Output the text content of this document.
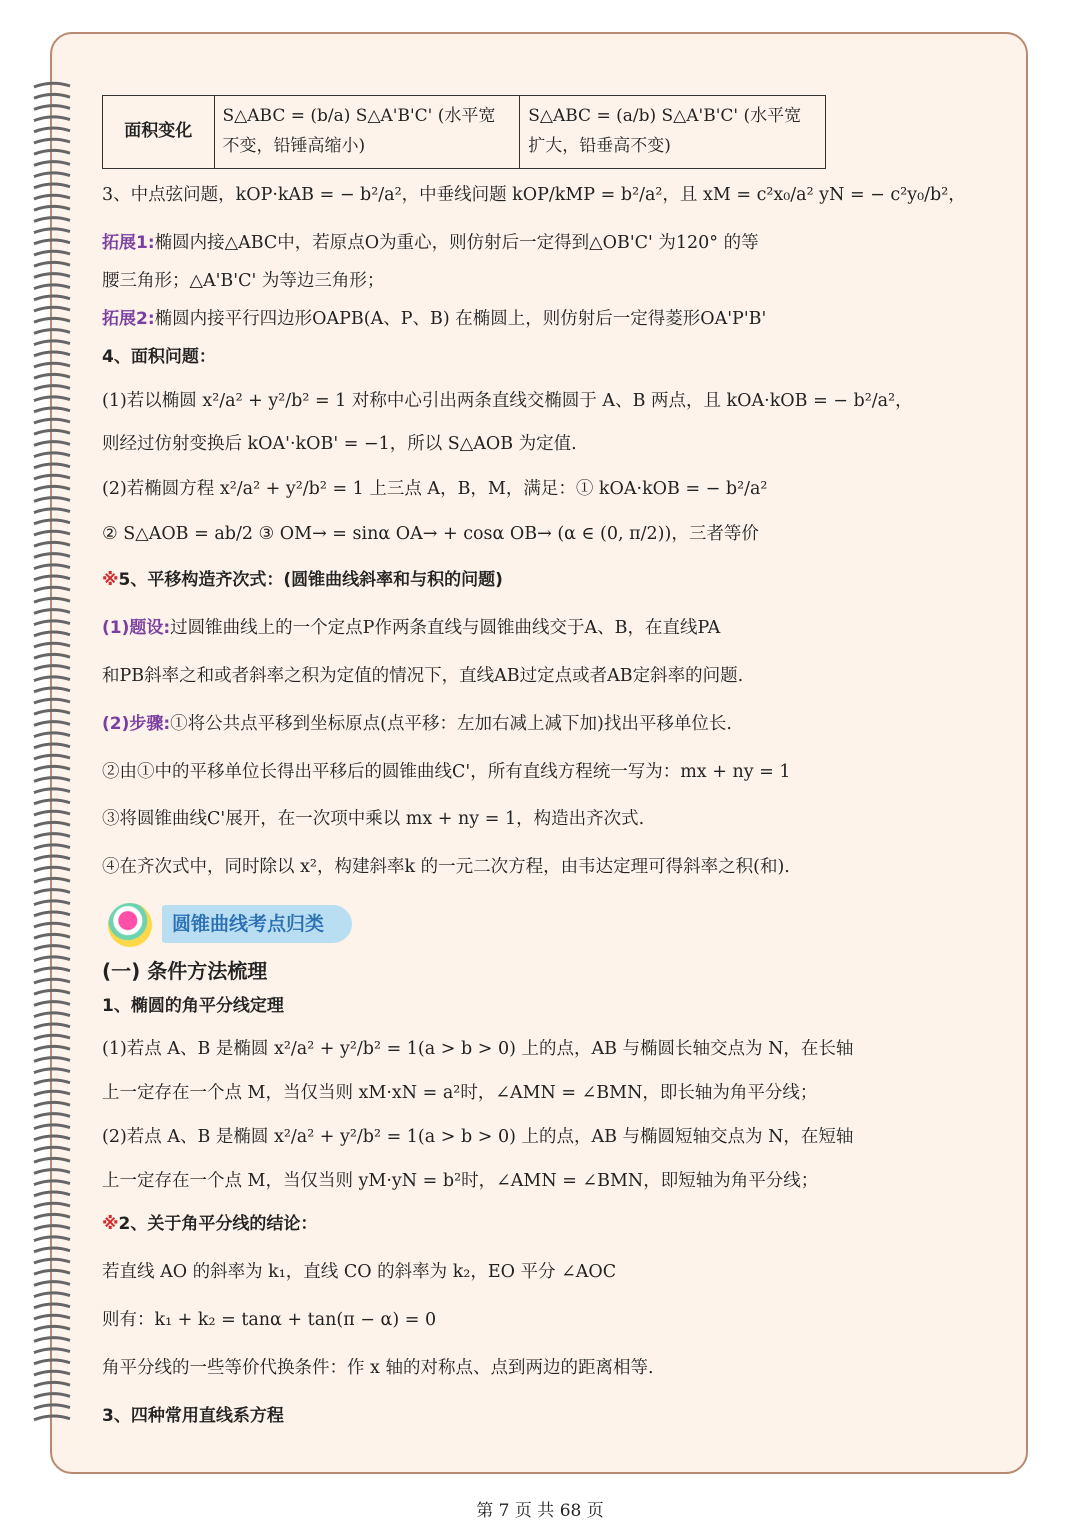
面积变化	S△ABC = (b/a) S△A'B'C' (水平宽不变，铅锤高缩小)	S△ABC = (a/b) S△A'B'C' (水平宽扩大，铅垂高不变)
3、中点弦问题，kOP·kAB = − b²/a²，中垂线问题 kOP/kMP = b²/a²，且 xM = c²x₀/a² yN = − c²y₀/b²，
拓展1:椭圆内接△ABC中，若原点O为重心，则仿射后一定得到△OB'C' 为120° 的等
腰三角形；△A'B'C' 为等边三角形；
拓展2:椭圆内接平行四边形OAPB(A、P、B) 在椭圆上，则仿射后一定得菱形OA'P'B'
4、面积问题：
(1)若以椭圆 x²/a² + y²/b² = 1 对称中心引出两条直线交椭圆于 A、B 两点，且 kOA·kOB = − b²/a²，
则经过仿射变换后 kOA'·kOB' = −1，所以 S△AOB 为定值.
(2)若椭圆方程 x²/a² + y²/b² = 1 上三点 A，B，M，满足：① kOA·kOB = − b²/a²
② S△AOB = ab/2 ③ OM→ = sinα OA→ + cosα OB→ (α ∈ (0, π/2))，三者等价
※5、平移构造齐次式：(圆锥曲线斜率和与积的问题)
(1)题设:过圆锥曲线上的一个定点P作两条直线与圆锥曲线交于A、B，在直线PA
和PB斜率之和或者斜率之积为定值的情况下，直线AB过定点或者AB定斜率的问题.
(2)步骤:①将公共点平移到坐标原点(点平移：左加右减上减下加)找出平移单位长.
②由①中的平移单位长得出平移后的圆锥曲线C'，所有直线方程统一写为：mx + ny = 1
③将圆锥曲线C'展开，在一次项中乘以 mx + ny = 1，构造出齐次式.
④在齐次式中，同时除以 x²，构建斜率k 的一元二次方程，由韦达定理可得斜率之积(和).
圆锥曲线考点归类
(一) 条件方法梳理
1、椭圆的角平分线定理
(1)若点 A、B 是椭圆 x²/a² + y²/b² = 1(a > b > 0) 上的点，AB 与椭圆长轴交点为 N，在长轴
上一定存在一个点 M，当仅当则 xM·xN = a²时，∠AMN = ∠BMN，即长轴为角平分线；
(2)若点 A、B 是椭圆 x²/a² + y²/b² = 1(a > b > 0) 上的点，AB 与椭圆短轴交点为 N，在短轴
上一定存在一个点 M，当仅当则 yM·yN = b²时，∠AMN = ∠BMN，即短轴为角平分线；
※2、关于角平分线的结论：
若直线 AO 的斜率为 k₁，直线 CO 的斜率为 k₂，EO 平分 ∠AOC
则有：k₁ + k₂ = tanα + tan(π − α) = 0
角平分线的一些等价代换条件：作 x 轴的对称点、点到两边的距离相等.
3、四种常用直线系方程
第 7 页 共 68 页
